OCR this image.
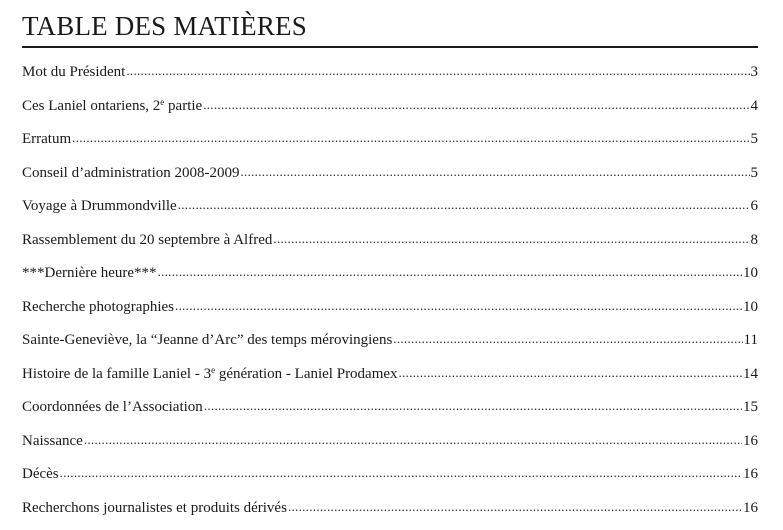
TABLE DES MATIÈRES
Mot du Président .....	3
Ces Laniel ontariens, 2e partie .....	4
Erratum .....	5
Conseil d’administration 2008-2009 .....	5
Voyage à Drummondville .....	6
Rassemblement du 20 septembre à Alfred .....	8
***Dernière heure*** .....	10
Recherche photographies .....	10
Sainte-Geneviève, la “Jeanne d’Arc” des temps mérovingiens .....	11
Histoire de la famille Laniel - 3e génération - Laniel Prodamex .....	14
Coordonnées de l’Association .....	15
Naissance .....	16
Décès .....	16
Recherchons journalistes et produits dérivés .....	16
